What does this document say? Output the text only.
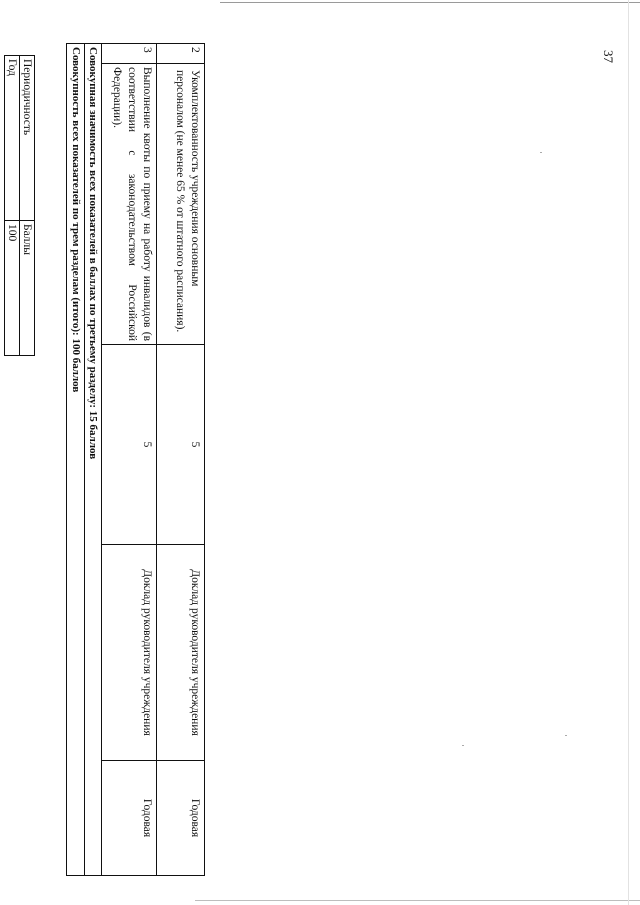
37
2	Укомплектованность учреждения основным персоналом (не менее 65 % от штатного расписания).	5	Доклад руководителя учреждения	Годовая
3	Выполнение квоты по приему на работу инвалидов (в соответствии с законодательством Российской Федерации).	5	Доклад руководителя учреждения	Годовая
Совокупная значимость всех показателей в баллах по третьему разделу: 15 баллов				
Совокупность всех показателей по трем разделам (итого): 100 баллов				
Периодичность	Баллы
Год	100
